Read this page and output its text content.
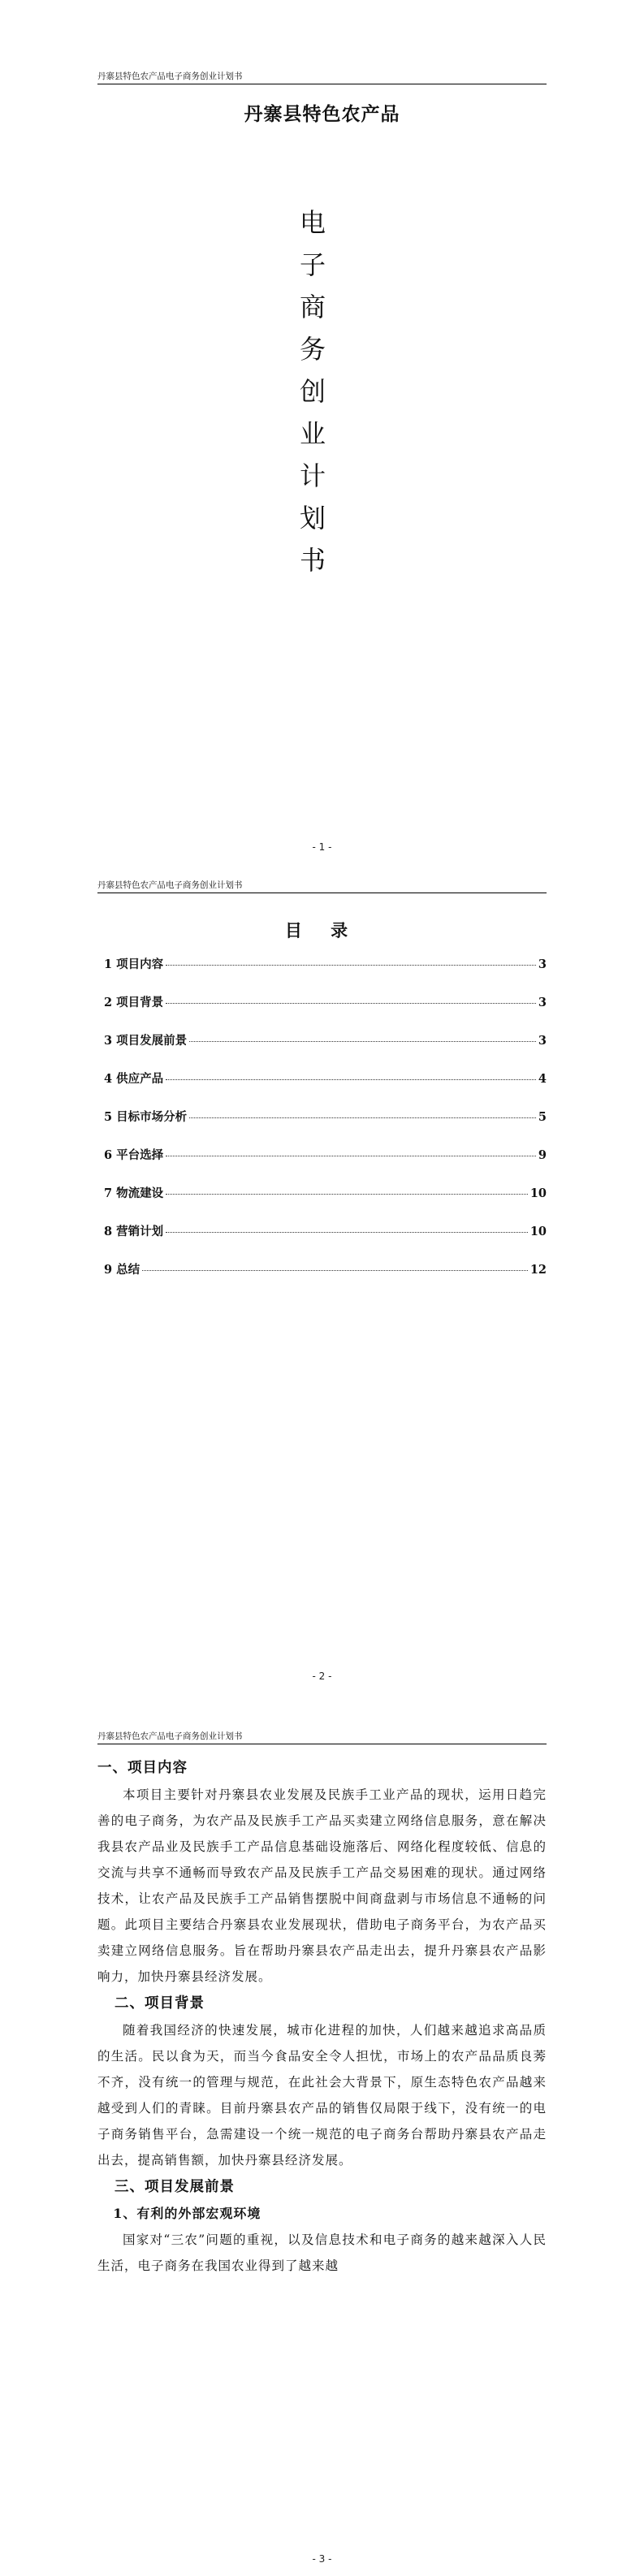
丹寨县特色农产品电子商务创业计划书
丹寨县特色农产品
电
子
商
务
创
业
计
划
书
- 1 -
丹寨县特色农产品电子商务创业计划书
- 2 -
目 录
1 项目内容	3
2 项目背景	3
3 项目发展前景	3
4 供应产品	4
5 目标市场分析	5
6 平台选择	9
7 物流建设	10
8 营销计划	10
9 总结	12
丹寨县特色农产品电子商务创业计划书
- 3 -
一、项目内容

本项目主要针对丹寨县农业发展及民族手工业产品的现状，运用日趋完善的电子商务，为农产品及民族手工产品买卖建立网络信息服务，意在解决我县农产品业及民族手工产品信息基础设施落后、网络化程度较低、信息的交流与共享不通畅而导致农产品及民族手工产品交易困难的现状。通过网络技术，让农产品及民族手工产品销售摆脱中间商盘剥与市场信息不通畅的问题。此项目主要结合丹寨县农业发展现状，借助电子商务平台，为农产品买卖建立网络信息服务。旨在帮助丹寨县农产品走出去，提升丹寨县农产品影响力，加快丹寨县经济发展。

二、项目背景

随着我国经济的快速发展，城市化进程的加快，人们越来越追求高品质的生活。民以食为天，而当今食品安全令人担忧，市场上的农产品品质良莠不齐，没有统一的管理与规范，在此社会大背景下，原生态特色农产品越来越受到人们的青睐。目前丹寨县农产品的销售仅局限于线下，没有统一的电子商务销售平台，急需建设一个统一规范的电子商务台帮助丹寨县农产品走出去，提高销售额，加快丹寨县经济发展。

三、项目发展前景
1、有利的外部宏观环境

国家对“三农”问题的重视，以及信息技术和电子商务的越来越深入人民生活，电子商务在我国农业得到了越来越
